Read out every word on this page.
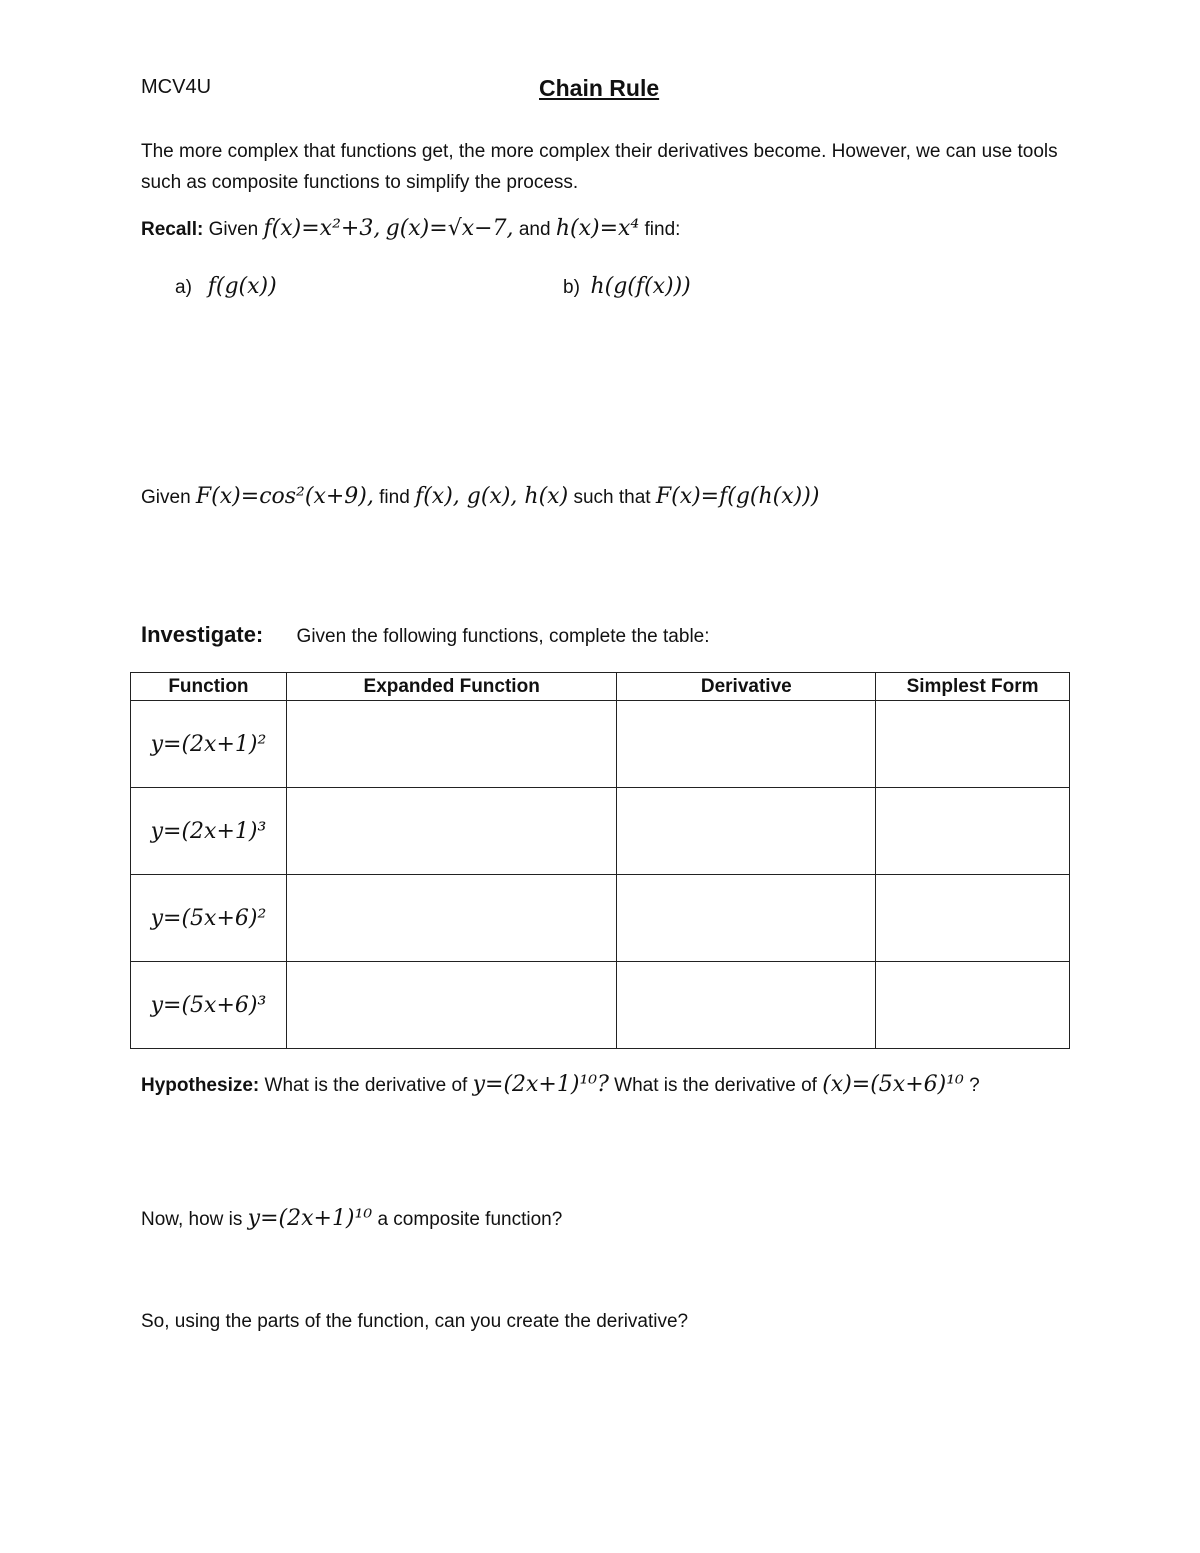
MCV4U	Chain Rule
The more complex that functions get, the more complex their derivatives become. However, we can use tools such as composite functions to simplify the process.
Recall: Given f(x)=x²+3, g(x)=√x−7, and h(x)=x⁴ find:
a) f(g(x))	b) h(g(f(x)))
Given F(x)=cos²(x+9), find f(x), g(x), h(x) such that F(x)=f(g(h(x)))
Investigate: Given the following functions, complete the table:
Function	Expanded Function	Derivative	Simplest Form
y=(2x+1)²			
y=(2x+1)³			
y=(5x+6)²			
y=(5x+6)³			
Hypothesize: What is the derivative of y=(2x+1)¹⁰? What is the derivative of (x)=(5x+6)¹⁰ ?
Now, how is y=(2x+1)¹⁰ a composite function?
So, using the parts of the function, can you create the derivative?
